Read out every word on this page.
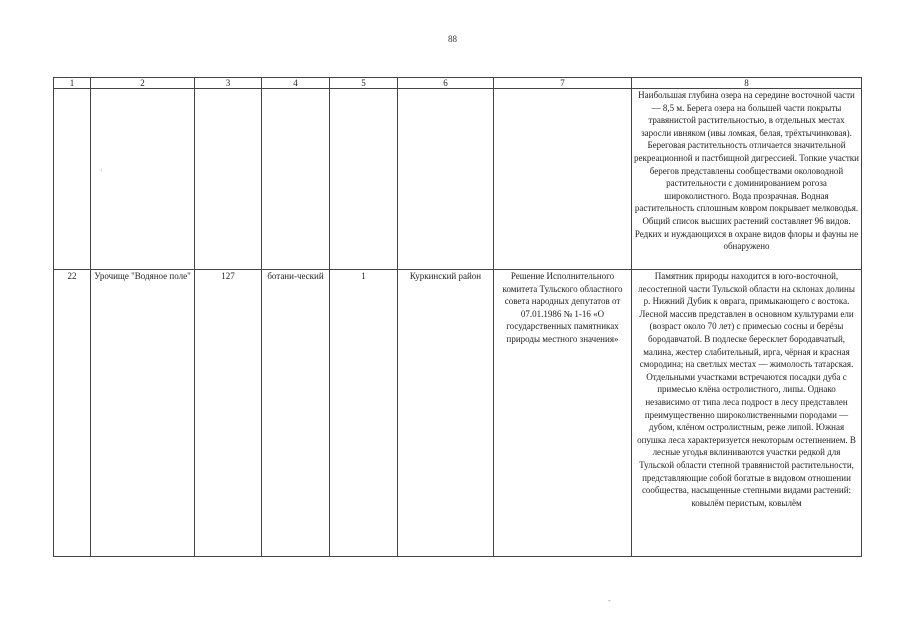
88
1	2	3	4	5	6	7	8
							Наибольшая глубина озера на середине восточной части — 8,5 м. Берега озера на большей части покрыты травянистой растительностью, в отдельных местах заросли ивняком (ивы ломкая, белая, трёхтычинковая). Береговая растительность отличается значительной рекреационной и пастбищной дигрессией. Топкие участки берегов представлены сообществами околоводной растительности с доминированием рогоза широколистного. Вода прозрачная. Водная растительность сплошным ковром покрывает мелководья. Общий список высших растений составляет 96 видов. Редких и нуждающихся в охране видов флоры и фауны не обнаружено
22	Урочище "Водяное поле"	127	ботани-ческий	1	Куркинский район	Решение Исполнительного комитета Тульского областного совета народных депутатов от 07.01.1986 № 1-16 «О государственных памятниках природы местного значения»	Памятник природы находится в юго-восточной, лесостепной части Тульской области на склонах долины р. Нижний Дубик к оврага, примыкающего с востока. Лесной массив представлен в основном культурами ели (возраст около 70 лет) с примесью сосны и берёзы бородавчатой. В подлеске бересклет бородавчатый, малина, жестер слабительный, ирга, чёрная и красная смородина; на светлых местах — жимолость татарская. Отдельными участками встречаются посадки дуба с примесью клёна остролистного, липы. Однако независимо от типа леса подрост в лесу представлен преимущественно широколиственными породами — дубом, клёном остролистным, реже липой. Южная опушка леса характеризуется некоторым остепнением. В лесные угодья вклиниваются участки редкой для Тульской области степной травянистой растительности, представляющие собой богатые в видовом отношении сообщества, насыщенные степными видами растений: ковылём перистым, ковылём
·
-
